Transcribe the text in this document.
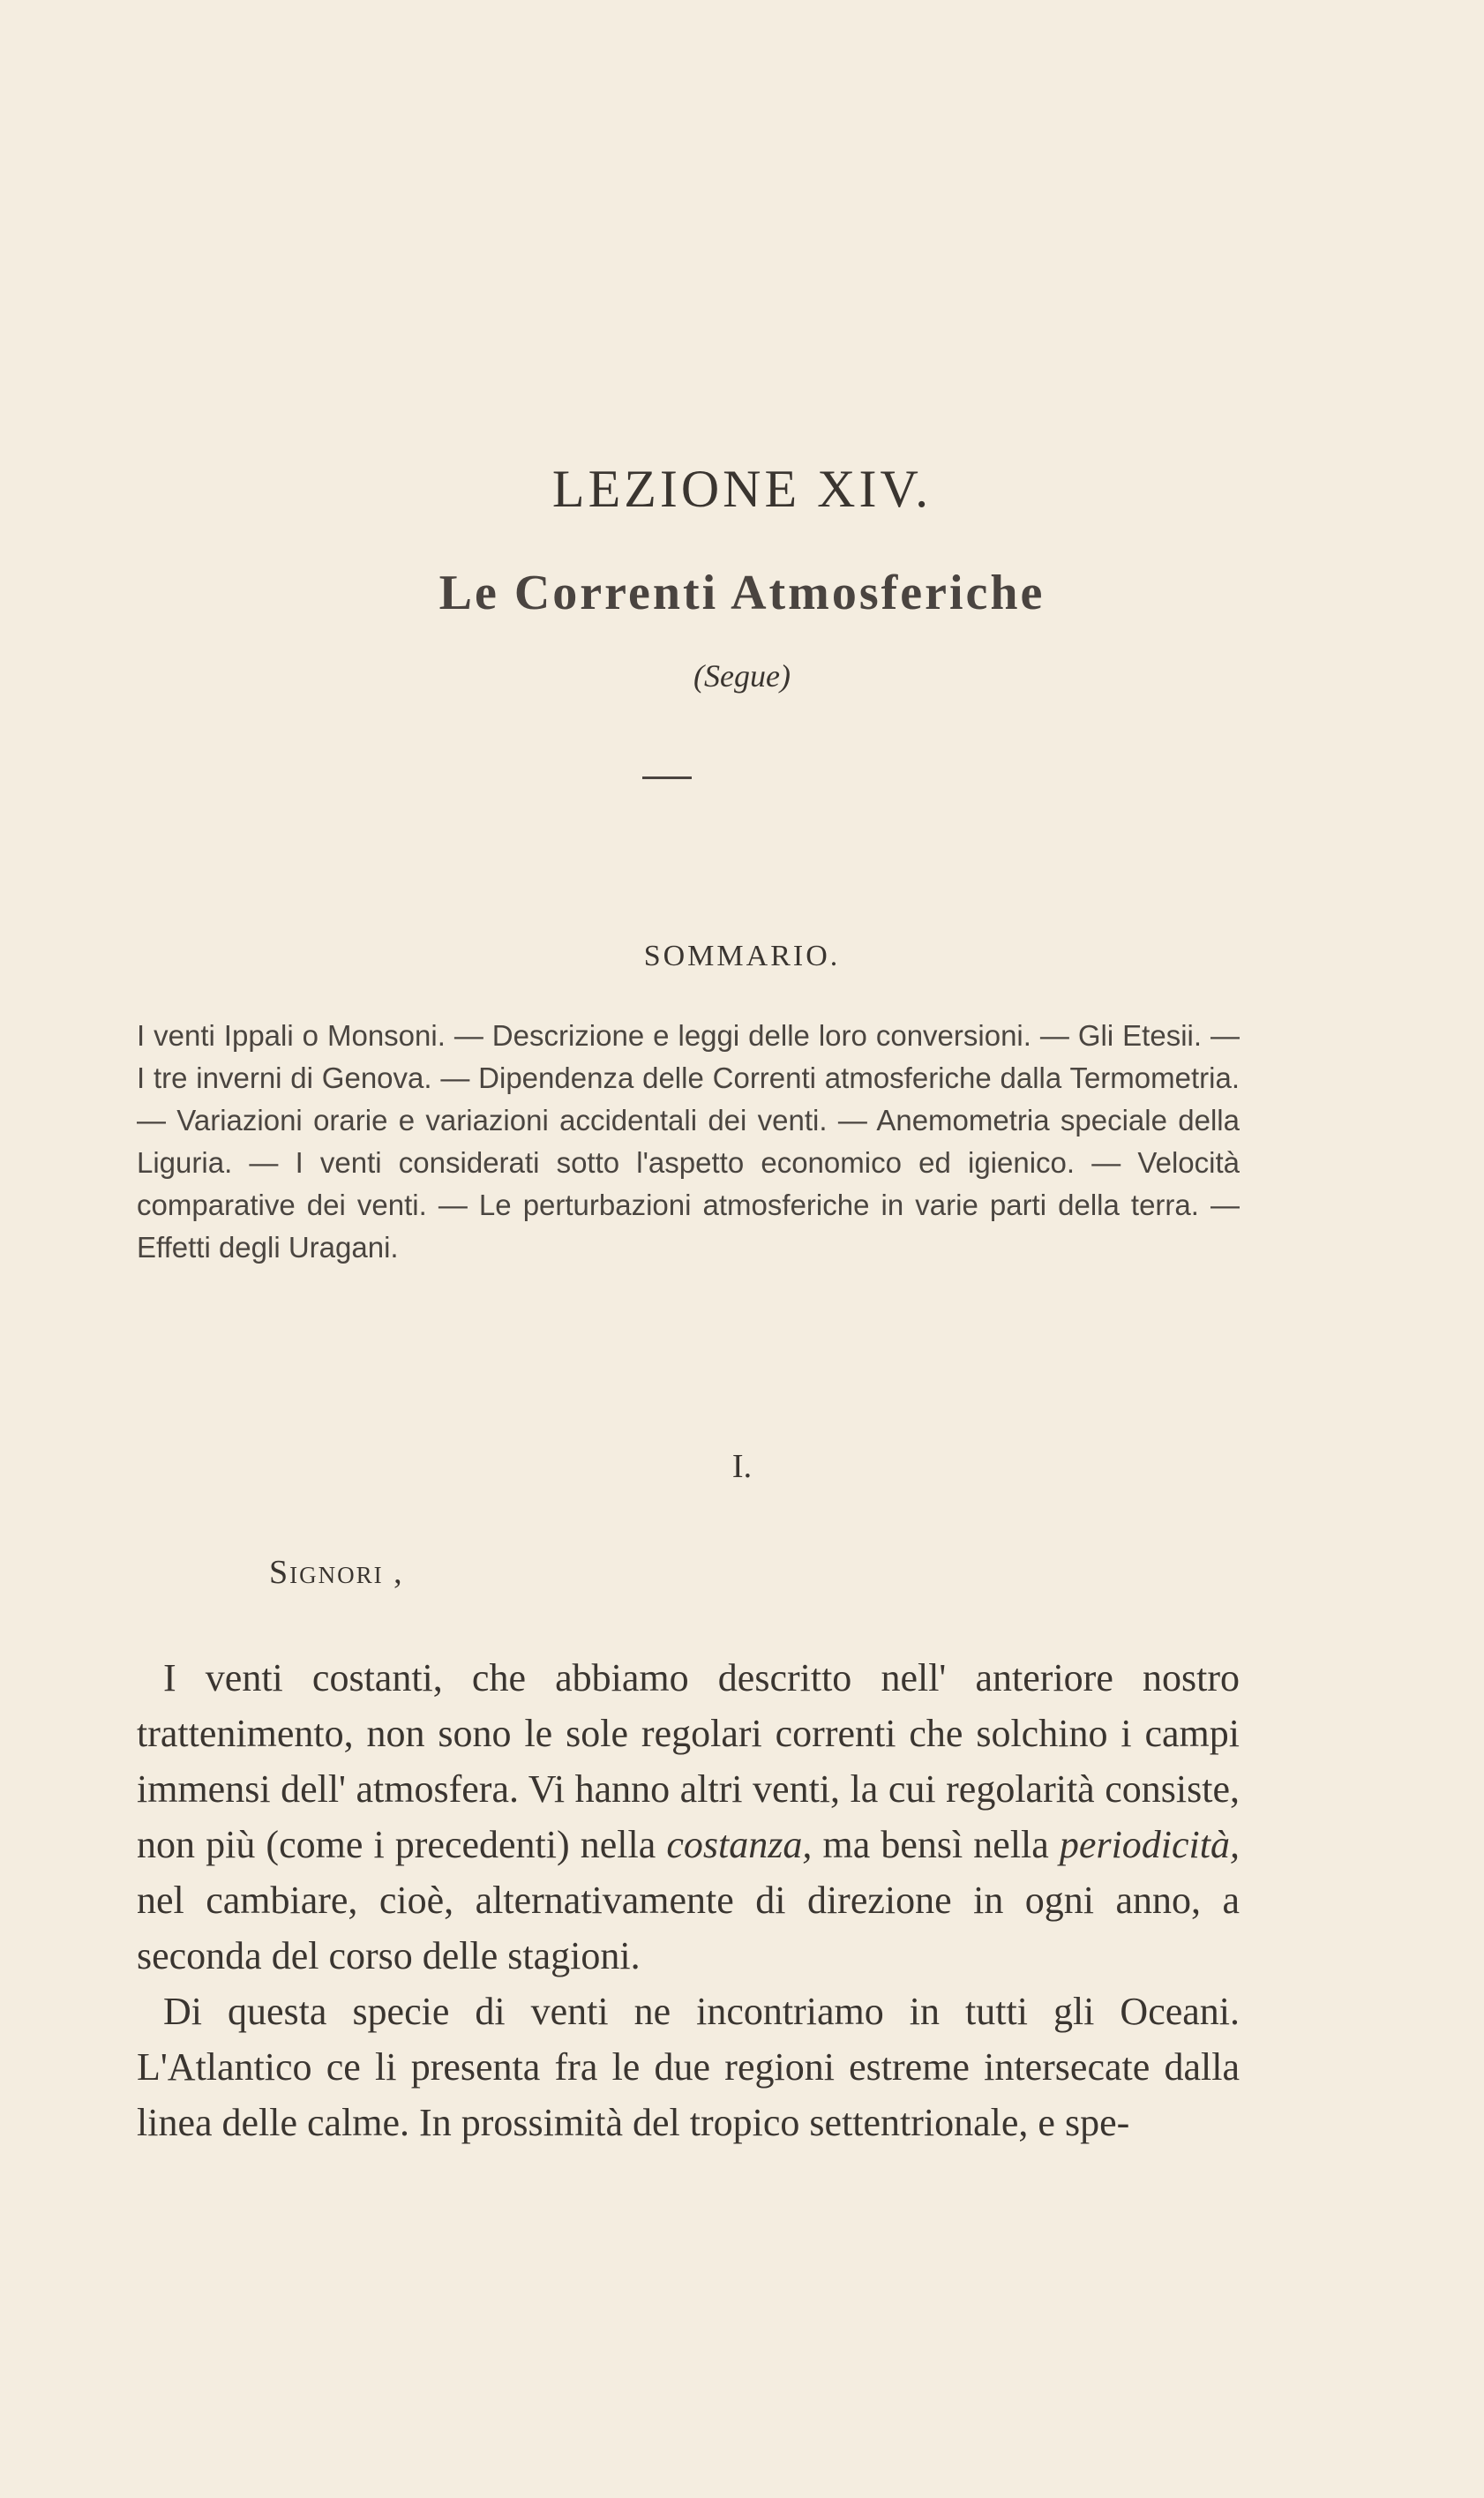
LEZIONE XIV.
Le Correnti Atmosferiche
(Segue)
SOMMARIO.
I venti Ippali o Monsoni. — Descrizione e leggi delle loro conversioni. — Gli Etesii. — I tre inverni di Genova. — Dipendenza delle Correnti atmosferiche dalla Termometria. — Variazioni orarie e variazioni accidentali dei venti. — Anemometria speciale della Liguria. — I venti considerati sotto l'aspetto economico ed igienico. — Velocità comparative dei venti. — Le perturbazioni atmosferiche in varie parti della terra. — Effetti degli Uragani.
I.
Signori ,

I venti costanti, che abbiamo descritto nell' anteriore nostro trattenimento, non sono le sole regolari correnti che solchino i campi immensi dell' atmosfera. Vi hanno altri venti, la cui regolarità consiste, non più (come i precedenti) nella costanza, ma bensì nella periodicità, nel cambiare, cioè, alternativamente di direzione in ogni anno, a seconda del corso delle stagioni.

Di questa specie di venti ne incontriamo in tutti gli Oceani. L'Atlantico ce li presenta fra le due regioni estreme intersecate dalla linea delle calme. In prossimità del tropico settentrionale, e spe-
